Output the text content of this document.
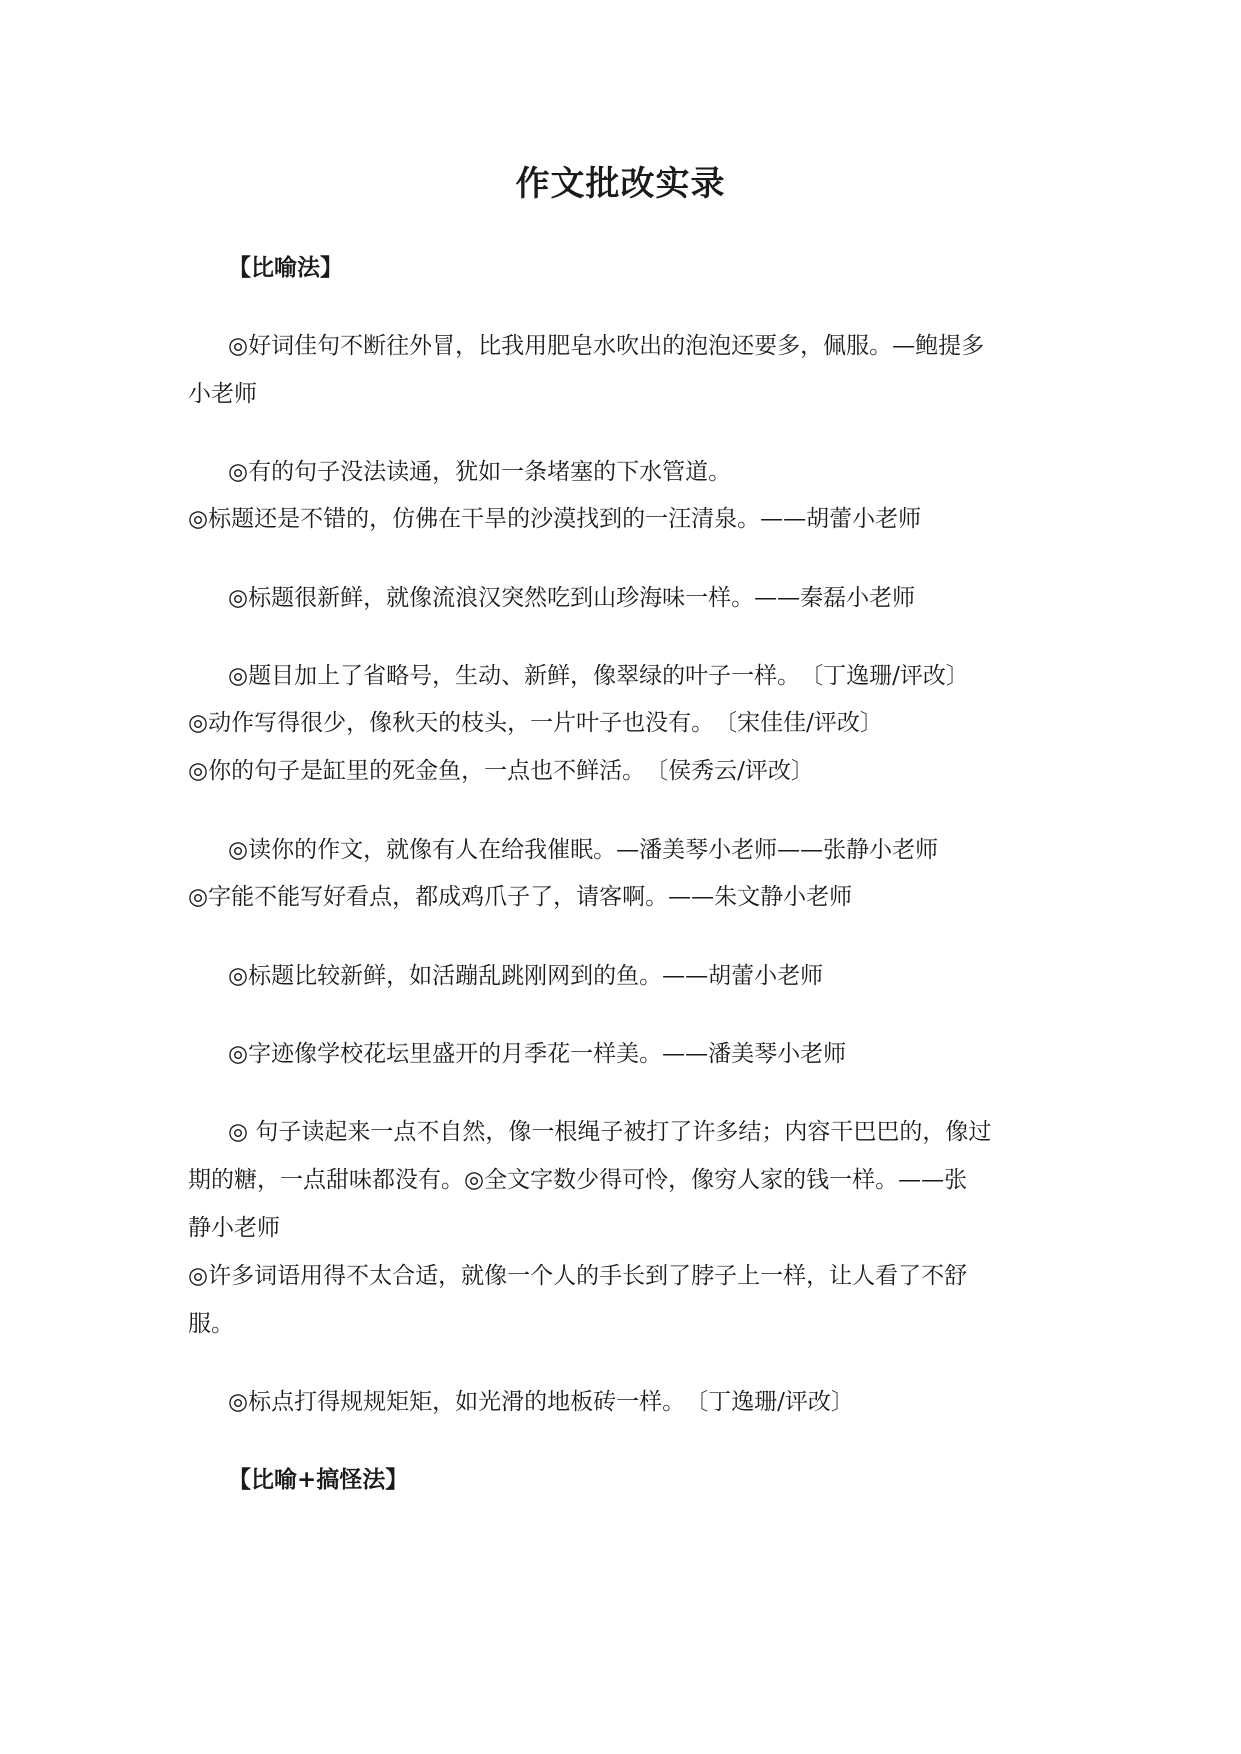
作文批改实录
【比喻法】
◎好词佳句不断往外冒，比我用肥皂水吹出的泡泡还要多，佩服。—鲍提多
小老师
◎有的句子没法读通，犹如一条堵塞的下水管道。
◎标题还是不错的，仿佛在干旱的沙漠找到的一汪清泉。——胡蕾小老师
◎标题很新鲜，就像流浪汉突然吃到山珍海味一样。——秦磊小老师
◎题目加上了省略号，生动、新鲜，像翠绿的叶子一样。　〔丁逸珊/评改〕
◎动作写得很少，像秋天的枝头，一片叶子也没有。　〔宋佳佳/评改〕
◎你的句子是缸里的死金鱼，一点也不鲜活。　〔侯秀云/评改〕
◎读你的作文，就像有人在给我催眠。—潘美琴小老师——张静小老师
◎字能不能写好看点，都成鸡爪子了，请客啊。——朱文静小老师
◎标题比较新鲜，如活蹦乱跳刚网到的鱼。——胡蕾小老师
◎字迹像学校花坛里盛开的月季花一样美。——潘美琴小老师
◎ 句子读起来一点不自然，像一根绳子被打了许多结；内容干巴巴的，像过
期的糖，一点甜味都没有。◎全文字数少得可怜，像穷人家的钱一样。——张
静小老师
◎许多词语用得不太合适，就像一个人的手长到了脖子上一样，让人看了不舒
服。
◎标点打得规规矩矩，如光滑的地板砖一样。　〔丁逸珊/评改〕
【比喻+搞怪法】
